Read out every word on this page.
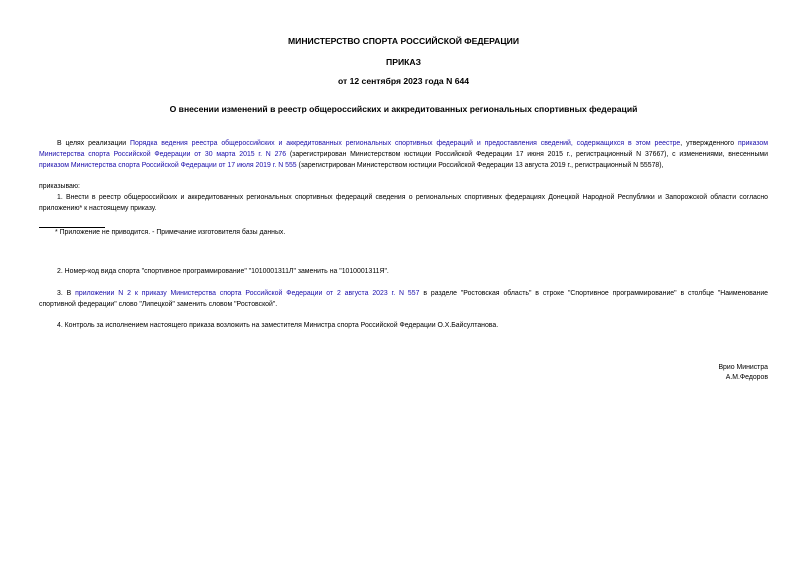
МИНИСТЕРСТВО СПОРТА РОССИЙСКОЙ ФЕДЕРАЦИИ
ПРИКАЗ
от 12 сентября 2023 года N 644
О внесении изменений в реестр общероссийских и аккредитованных региональных спортивных федераций
В целях реализации Порядка ведения реестра общероссийских и аккредитованных региональных спортивных федераций и предоставления сведений, содержащихся в этом реестре, утвержденного приказом
Министерства спорта Российской Федерации от 30 марта 2015 г. N 276 (зарегистрирован Министерством юстиции Российской Федерации 17 июня 2015 г., регистрационный N 37667), с изменениями, внесенными
приказом Министерства спорта Российской Федерации от 17 июля 2019 г. N 555 (зарегистрирован Министерством юстиции Российской Федерации 13 августа 2019 г., регистрационный N 55578),
приказываю:
1. Внести в реестр общероссийских и аккредитованных региональных спортивных федераций сведения о региональных спортивных федерациях Донецкой Народной Республики и Запорожской области согласно
приложению* к настоящему приказу.
* Приложение не приводится. - Примечание изготовителя базы данных.
2. Номер-код вида спорта "спортивное программирование" "1010001311Л" заменить на "1010001311Я".
3. В приложении N 2 к приказу Министерства спорта Российской Федерации от 2 августа 2023 г. N 557 в разделе "Ростовская область" в строке "Спортивное программирование" в столбце "Наименование
спортивной федерации" слово "Липецкой" заменить словом "Ростовской".
4. Контроль за исполнением настоящего приказа возложить на заместителя Министра спорта Российской Федерации О.Х.Байсултанова.
Врио Министра
А.М.Федоров
